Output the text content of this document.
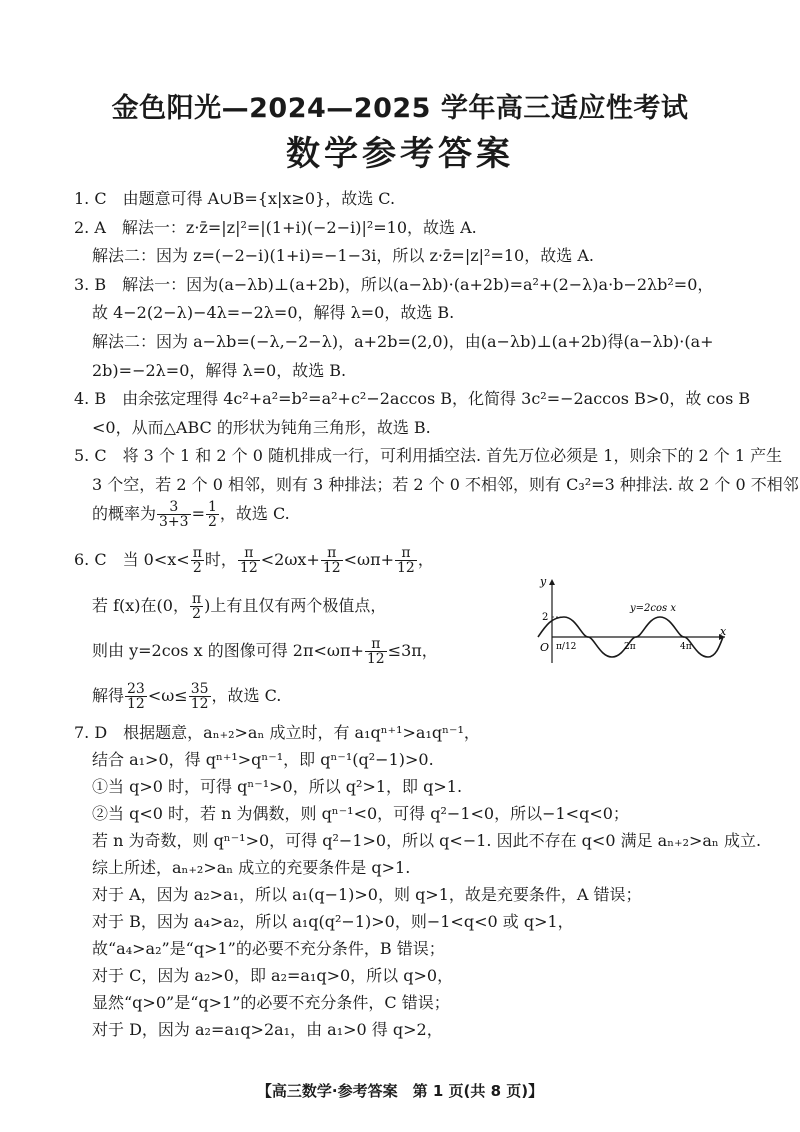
金色阳光—2024—2025 学年高三适应性考试
数学参考答案
1. C　由题意可得 A∪B={x|x≥0}，故选 C.
2. A　解法一：z·z̄=|z|²=|(1+i)(−2−i)|²=10，故选 A.
解法二：因为 z=(−2−i)(1+i)=−1−3i，所以 z·z̄=|z|²=10，故选 A.
3. B　解法一：因为(a−λb)⊥(a+2b)，所以(a−λb)·(a+2b)=a²+(2−λ)a·b−2λb²=0，
故 4−2(2−λ)−4λ=−2λ=0，解得 λ=0，故选 B.
解法二：因为 a−λb=(−λ,−2−λ)，a+2b=(2,0)，由(a−λb)⊥(a+2b)得(a−λb)·(a+
2b)=−2λ=0，解得 λ=0，故选 B.
4. B　由余弦定理得 4c²+a²=b²=a²+c²−2accos B，化简得 3c²=−2accos B>0，故 cos B
<0，从而△ABC 的形状为钝角三角形，故选 B.
5. C　将 3 个 1 和 2 个 0 随机排成一行，可利用插空法. 首先万位必须是 1，则余下的 2 个 1 产生
3 个空，若 2 个 0 相邻，则有 3 种排法；若 2 个 0 不相邻，则有 C₃²=3 种排法. 故 2 个 0 不相邻
的概率为 $\frac{3}{3+3} = \frac{1}{2}$ ，故选 C.
6. C　当 $0<x< \frac{\pi}{2}$ 时， $\frac{\pi}{12} <2\omega x+ \frac{\pi}{12} <\omega\pi+ \frac{\pi}{12}$ ，
若 f(x)在(0， $\frac{\pi}{2}$ )上有且仅有两个极值点，
则由 y=2cos x 的图像可得 $2\pi<\omega\pi+ \frac{\pi}{12} \le 3\pi$，
解得 $\frac{23}{12} <\omega\le \frac{35}{12}$ ，故选 C.
y
x
O
2
π/12	2π	4π
y=2cos x
7. D　根据题意，aₙ₊₂>aₙ 成立时，有 a₁qⁿ⁺¹>a₁qⁿ⁻¹，
结合 a₁>0，得 qⁿ⁺¹>qⁿ⁻¹，即 qⁿ⁻¹(q²−1)>0.
①当 q>0 时，可得 qⁿ⁻¹>0，所以 q²>1，即 q>1.
②当 q<0 时，若 n 为偶数，则 qⁿ⁻¹<0，可得 q²−1<0，所以−1<q<0；
若 n 为奇数，则 qⁿ⁻¹>0，可得 q²−1>0，所以 q<−1. 因此不存在 q<0 满足 aₙ₊₂>aₙ 成立.
综上所述，aₙ₊₂>aₙ 成立的充要条件是 q>1.
对于 A，因为 a₂>a₁，所以 a₁(q−1)>0，则 q>1，故是充要条件，A 错误；
对于 B，因为 a₄>a₂，所以 a₁q(q²−1)>0，则−1<q<0 或 q>1，
故“a₄>a₂”是“q>1”的必要不充分条件，B 错误；
对于 C，因为 a₂>0，即 a₂=a₁q>0，所以 q>0，
显然“q>0”是“q>1”的必要不充分条件，C 错误；
对于 D，因为 a₂=a₁q>2a₁，由 a₁>0 得 q>2，
【高三数学·参考答案　第 1 页(共 8 页)】
